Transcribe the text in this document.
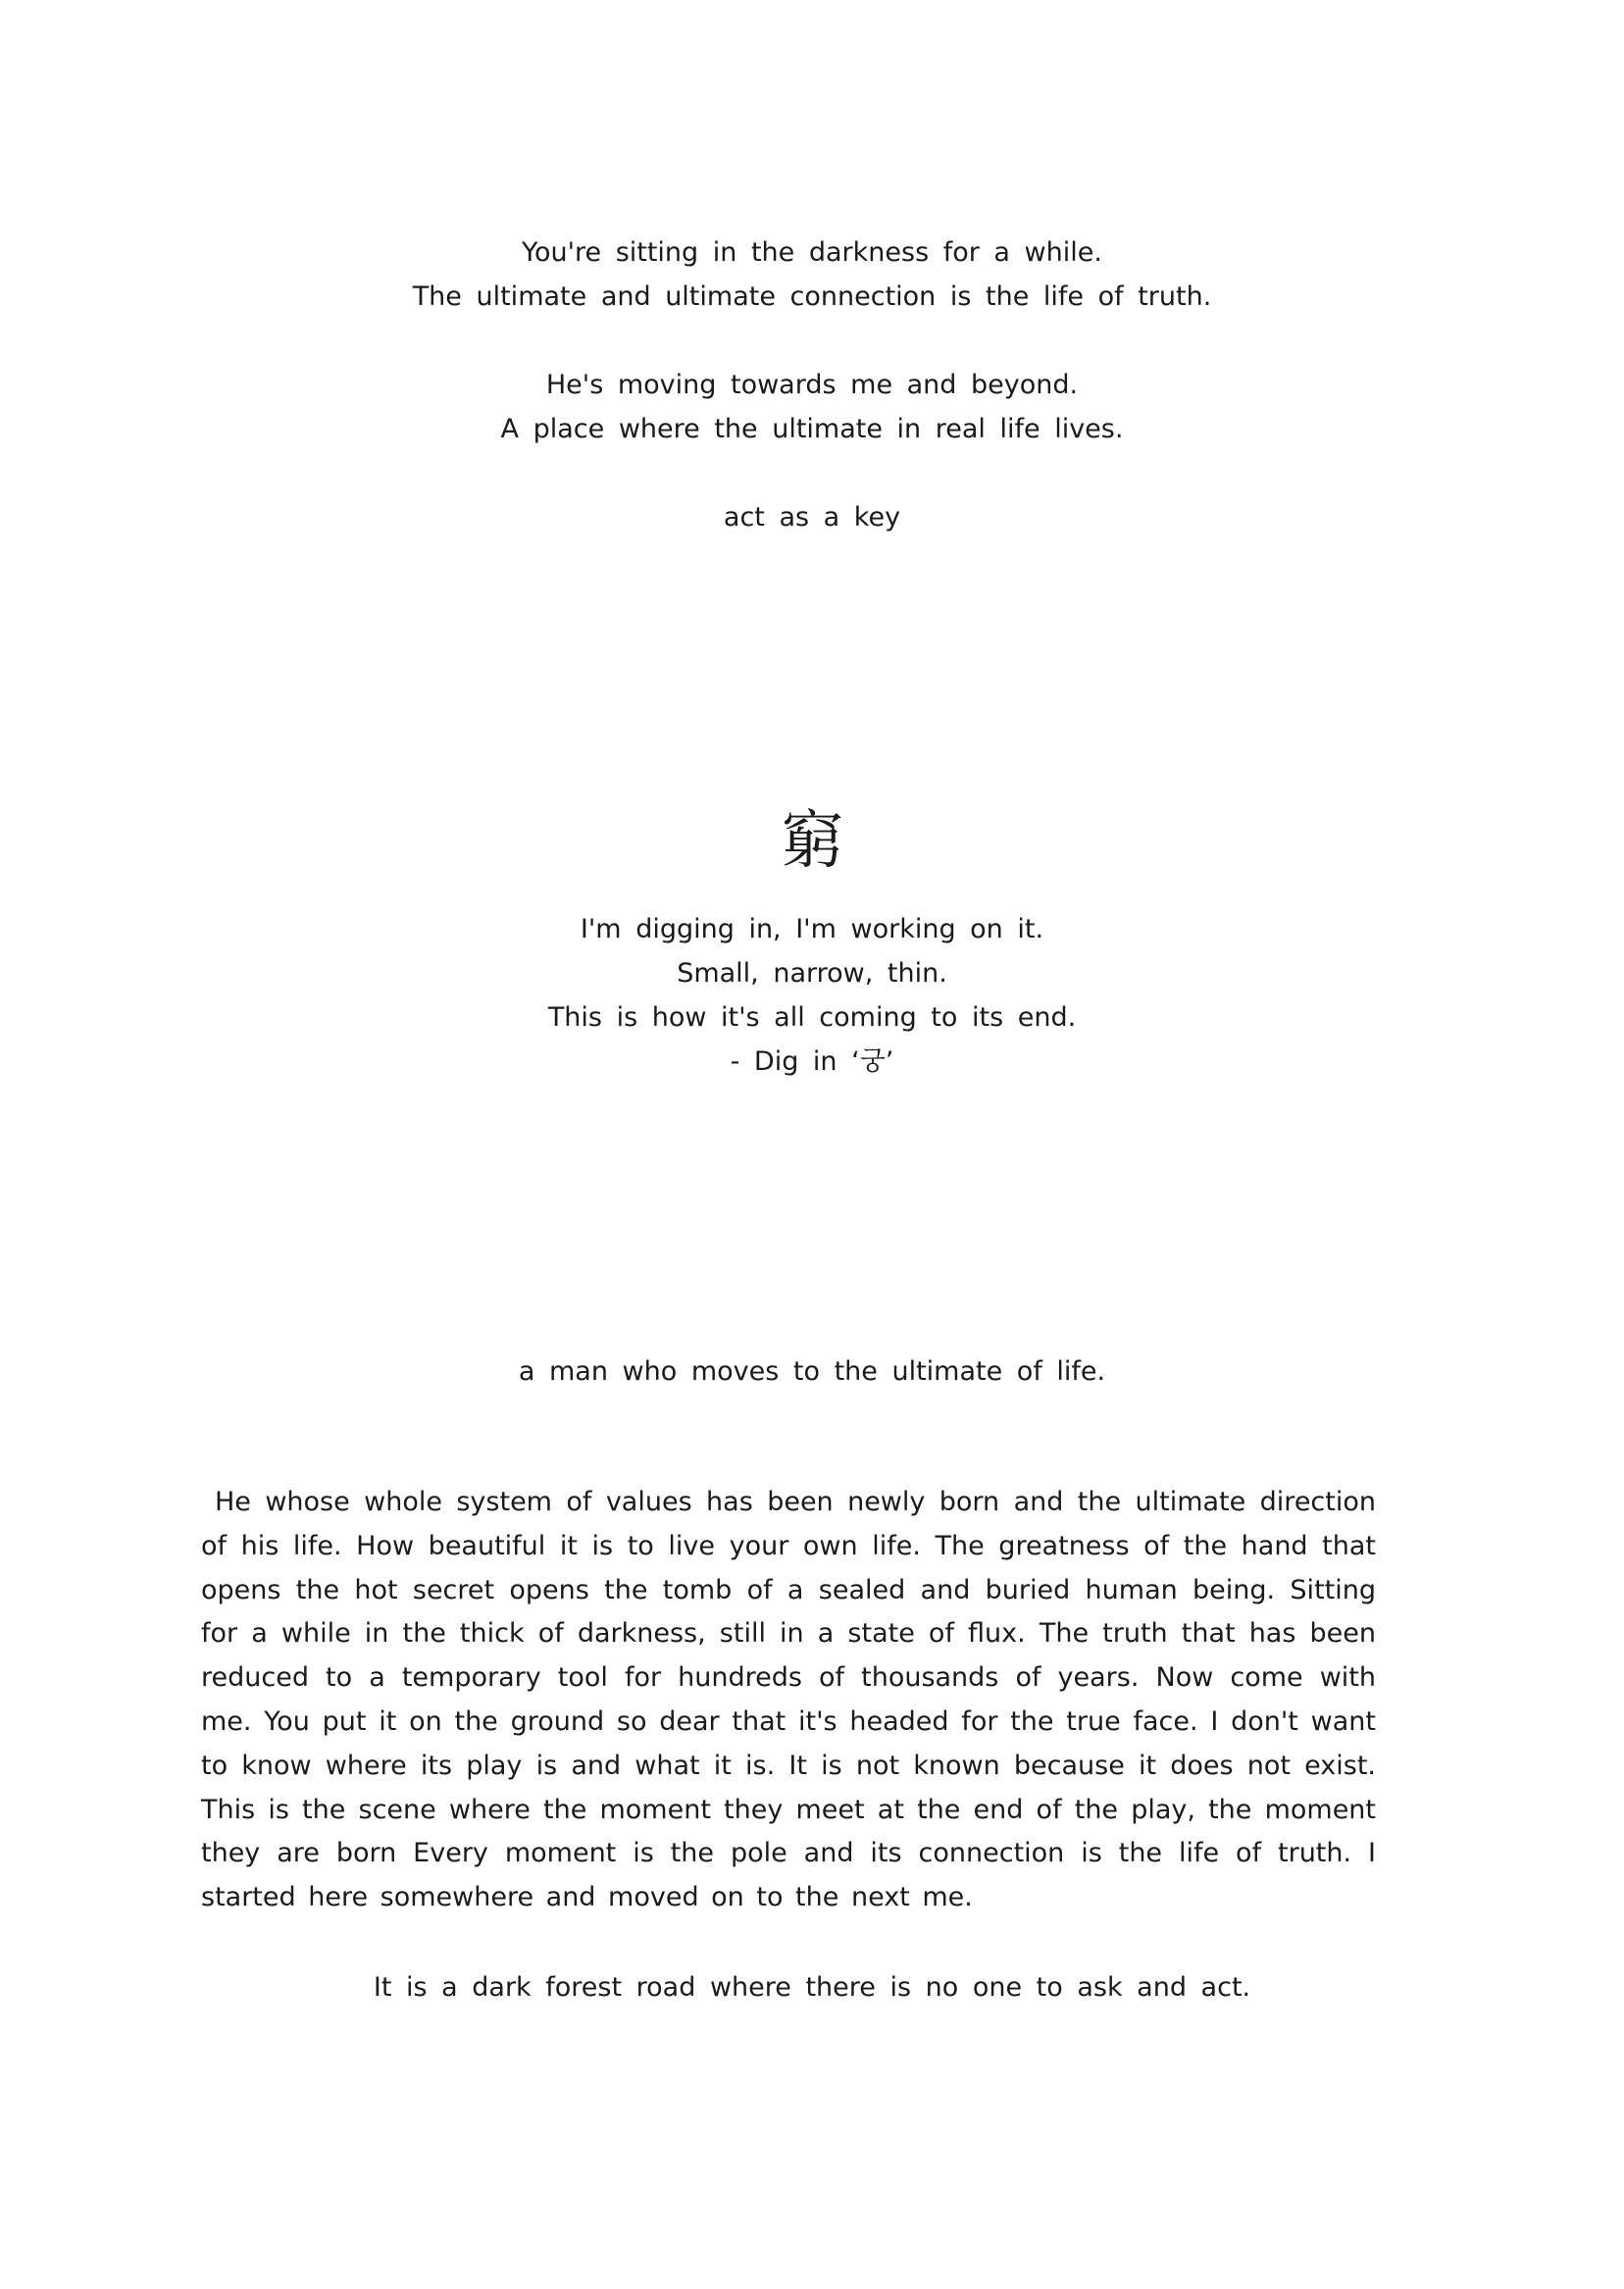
You're sitting in the darkness for a while.
The ultimate and ultimate connection is the life of truth.
He's moving towards me and beyond.
A place where the ultimate in real life lives.
act as a key
窮
I'm digging in, I'm working on it.
Small, narrow, thin.
This is how it's all coming to its end.
- Dig in ‘궁’
a man who moves to the ultimate of life.

He whose whole system of values has been newly born and the ultimate direction of his life. How beautiful it is to live your own life. The greatness of the hand that opens the hot secret opens the tomb of a sealed and buried human being. Sitting for a while in the thick of darkness, still in a state of flux. The truth that has been reduced to a temporary tool for hundreds of thousands of years. Now come with me. You put it on the ground so dear that it's headed for the true face. I don't want to know where its play is and what it is. It is not known because it does not exist. This is the scene where the moment they meet at the end of the play, the moment they are born Every moment is the pole and its connection is the life of truth. I started here somewhere and moved on to the next me.

It is a dark forest road where there is no one to ask and act.
